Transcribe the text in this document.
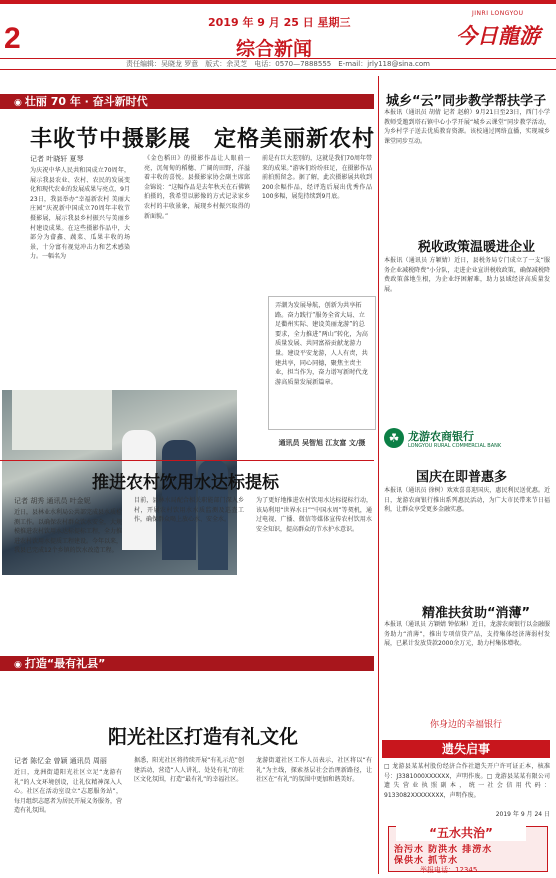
2	2019 年 9 月 25 日 星期三
综合新闻
JINRI LONGYOU
今日龍游
责任编辑：吴晓龙 罗意　版式：余灵芝　电话：0570—7888555　E-mail：jrly118@sina.com
◉ 壮丽 70 年 · 奋斗新时代
丰收节中摄影展　定格美丽新农村
记者 叶晓轩 夏琴
为庆祝中华人民共和国成立70周年，展示我县农业、农村、农民的发展变化和现代农业的发展成果与亮点，9月23日，我县举办“幸福新农村 美丽大庄园”庆祝新中国成立70周年丰收节摄影展，展示我县乡村振兴与美丽乡村建设成果。在这些摄影作品中，大部分为畲鑫、蔬菜、瓜果丰收的场景，十分富有视觉冲击力和艺术感染力。一幅名为
《金色稻田》的摄影作品让人眼前一亮，沉甸甸的稻穗、广阔的田野，洋溢着丰收的喜悦。县摄影家协会副主席邱金锦说：“这幅作品是去年秋天在石佛镇拍摄的，我希望以影像的方式记录家乡农村的丰收景象，展现乡村振兴取得的新面貌。”
前是有巨大差别的，这就是我们70周年带来的成果。”游客们纷纷驻足，在摄影作品前拍照留念。据了解，此次摄影展共收到200余幅作品，经评选后展出优秀作品100多幅，展览持续到9月底。
弄潮为发展导航，创新为共享拓路。奋力践行“服务全省大局、立足衢州实际、建设美丽龙游”的总要求，全力推进“两山”转化，为高质量发展、共同富裕贡献龙游力量。建设平安龙游，人人有责，共建共享，同心同德，聚焦主责主业，担当作为，奋力谱写新时代龙游高质量发展新篇章。
通讯员 吴智旭 江友富 文/摄
推进农村饮用水达标提标
记者 胡秀 通讯员 叶金妮
近日，县林业水利局公共部完成县水质检测工作。以确保农村群众饮水安全，大规模推进农村饮用水达标提标工程，全力推进农村饮用水提质工程建设。今年以来，我县已完成12个乡镇的饮水改造工程。
目前，县林水局配合相关职能部门深入乡村，开展农村饮用水水质监测及巡查工作，确保群众喝上放心水、安全水。
为了更好地推进农村饮用水达标提标行动，该局利用“世界水日”“中国水周”等契机，通过电视、广播、微信等媒体宣传农村饮用水安全知识，提高群众的节水护水意识。
◉ 打造“最有礼县”
阳光社区打造有礼文化
记者 陈忆金 曾颖 通讯员 周丽
近日，龙洲街道阳光社区立足“龙游有礼”的人文环境创设，让礼仪精神深入人心。社区在活动室设立“志愿服务站”，每月组织志愿者为居民开展义务服务，营造有礼氛围。
据悉，阳光社区将持续开展“有礼示范”创建活动，营造“人人讲礼、处处有礼”的社区文化氛围，打造“最有礼”的幸福社区。
龙游街道社区工作人员表示，社区将以“有礼”为主线，探索基层社会治理新路径，让社区在“有礼”的氛围中更加和谐美好。
城乡“云”同步教学帮扶学子
本报讯（通讯员 胡倩 记者 赵蔚）9月21日至23日，西门小学教师受邀到塔石镇中心小学开展“城乡云课堂”同步教学活动，为乡村学子送去优质教育资源。该校通过网络直播，实现城乡课堂同步互动。
税收政策温暖进企业
本报讯（通讯员 方颖婧）近日，县税务局专门成立了一支“服务企业减税降费”小分队，走进企业宣讲税收政策，确保减税降费政策落地生根，为企业纾困解难，助力县域经济高质量发展。
☘ 龙游农商银行
LONGYOU RURAL COMMERCIAL BANK
国庆在即普惠多
本报讯（通讯员 徐树）欢欢喜喜迎国庆，惠民利民送优惠。近日，龙游农商银行推出系列惠民活动，为广大市民带来节日福利，让群众享受更多金融实惠。
精准扶贫助“消薄”
本报讯（通讯员 方颖婧 钟依琳）近日，龙游农商银行以金融服务助力“消薄”，推出专项信贷产品，支持集体经济薄弱村发展，已累计发放贷款2000余万元，助力村集体增收。
你身边的幸福银行
遗失启事
□ 龙游县某某村股份经济合作社遗失开户许可证正本，核准号：J3381000XXXXXX，声明作废。□ 龙游县某某有限公司遗失营业执照副本，统一社会信用代码：9133082XXXXXXXX，声明作废。
2019 年 9 月 24 日
“五水共治”
治污水 防洪水 排涝水
保供水 抓节水
举报电话：12345
